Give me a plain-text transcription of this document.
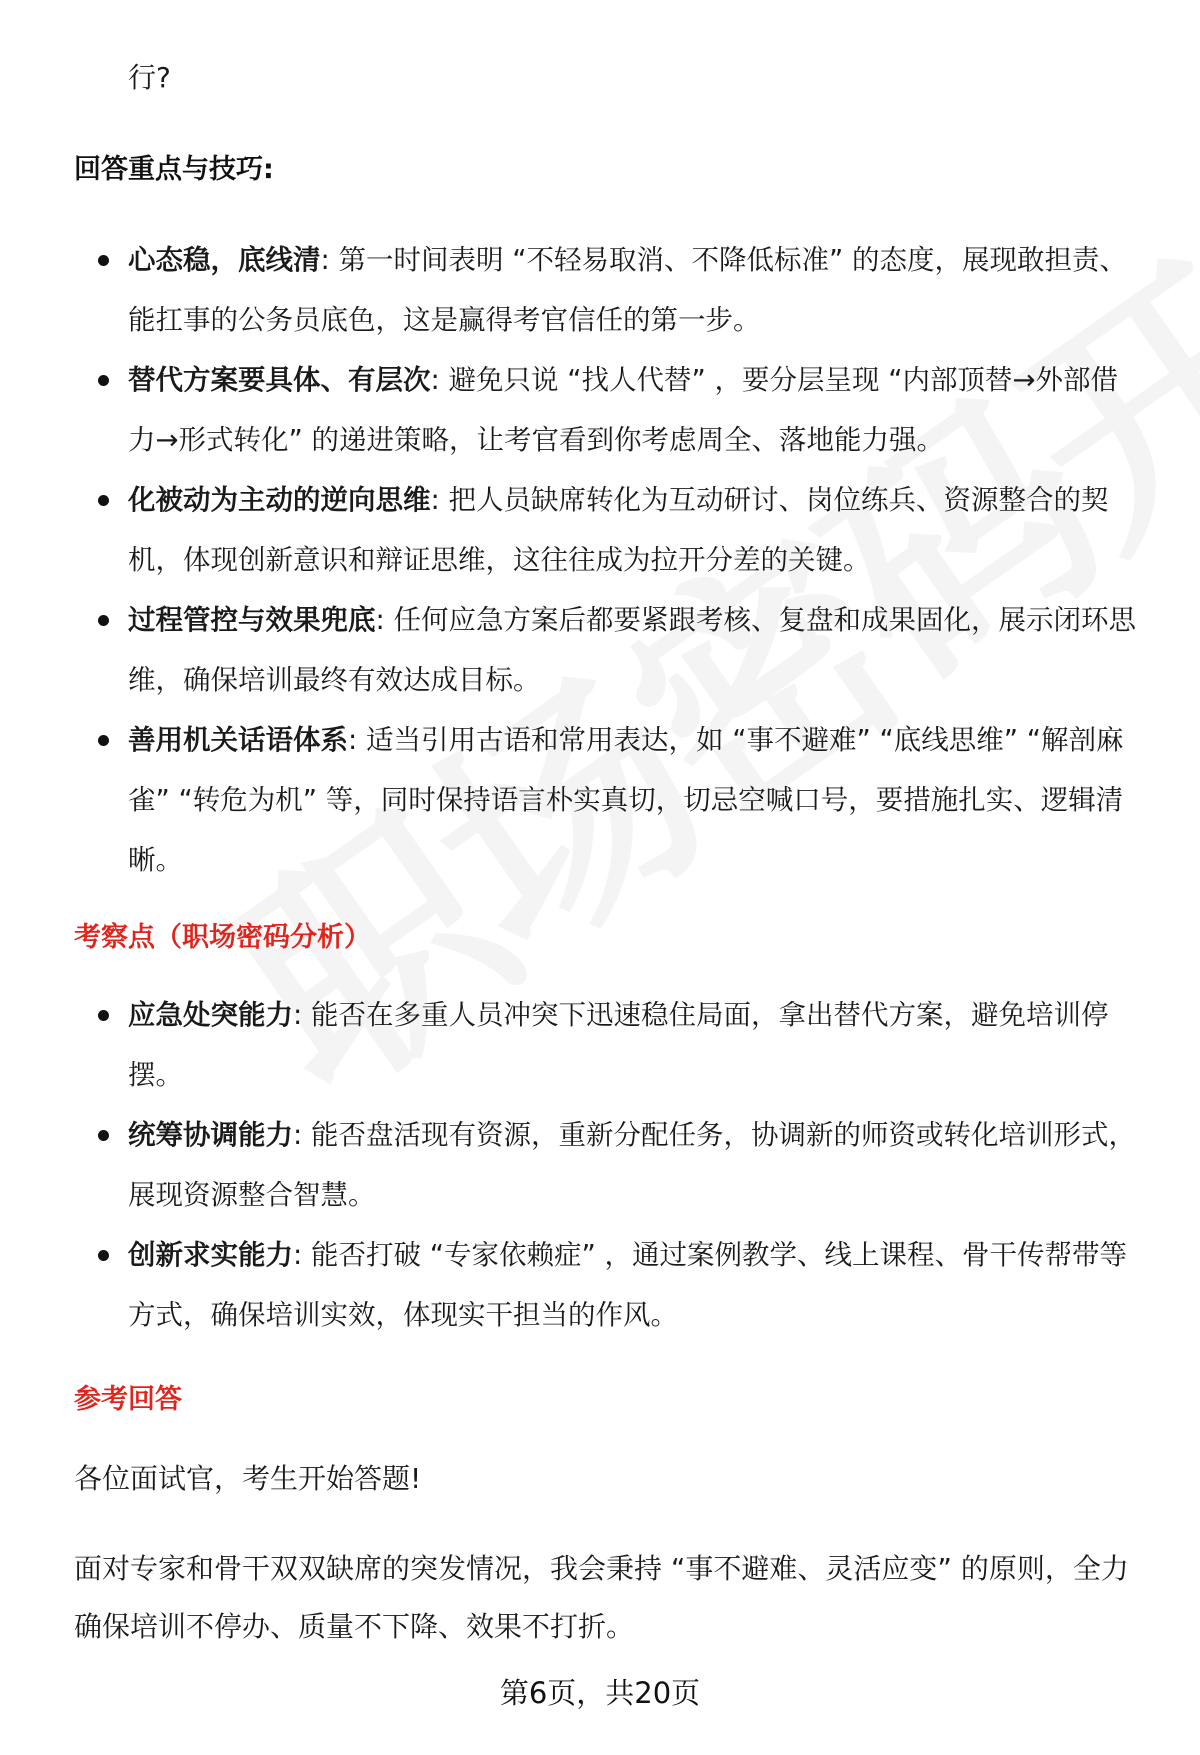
行?

回答重点与技巧:
心态稳，底线清: 第一时间表明 “不轻易取消、不降低标准” 的态度，展现敢担责、能扛事的公务员底色，这是赢得考官信任的第一步。
替代方案要具体、有层次: 避免只说 “找人代替” ，要分层呈现 “内部顶替→外部借力→形式转化” 的递进策略，让考官看到你考虑周全、落地能力强。
化被动为主动的逆向思维: 把人员缺席转化为互动研讨、岗位练兵、资源整合的契机，体现创新意识和辩证思维，这往往成为拉开分差的关键。
过程管控与效果兜底: 任何应急方案后都要紧跟考核、复盘和成果固化，展示闭环思维，确保培训最终有效达成目标。
善用机关话语体系: 适当引用古语和常用表达，如 “事不避难” “底线思维” “解剖麻雀” “转危为机” 等，同时保持语言朴实真切，切忌空喊口号，要措施扎实、逻辑清晰。
考察点（职场密码分析）
应急处突能力: 能否在多重人员冲突下迅速稳住局面，拿出替代方案，避免培训停摆。
统筹协调能力: 能否盘活现有资源，重新分配任务，协调新的师资或转化培训形式，展现资源整合智慧。
创新求实能力: 能否打破 “专家依赖症” ，通过案例教学、线上课程、骨干传帮带等方式，确保培训实效，体现实干担当的作风。
参考回答

各位面试官，考生开始答题!

面对专家和骨干双双缺席的突发情况，我会秉持 “事不避难、灵活应变” 的原则，全力确保培训不停办、质量不下降、效果不打折。

第6页，共20页
